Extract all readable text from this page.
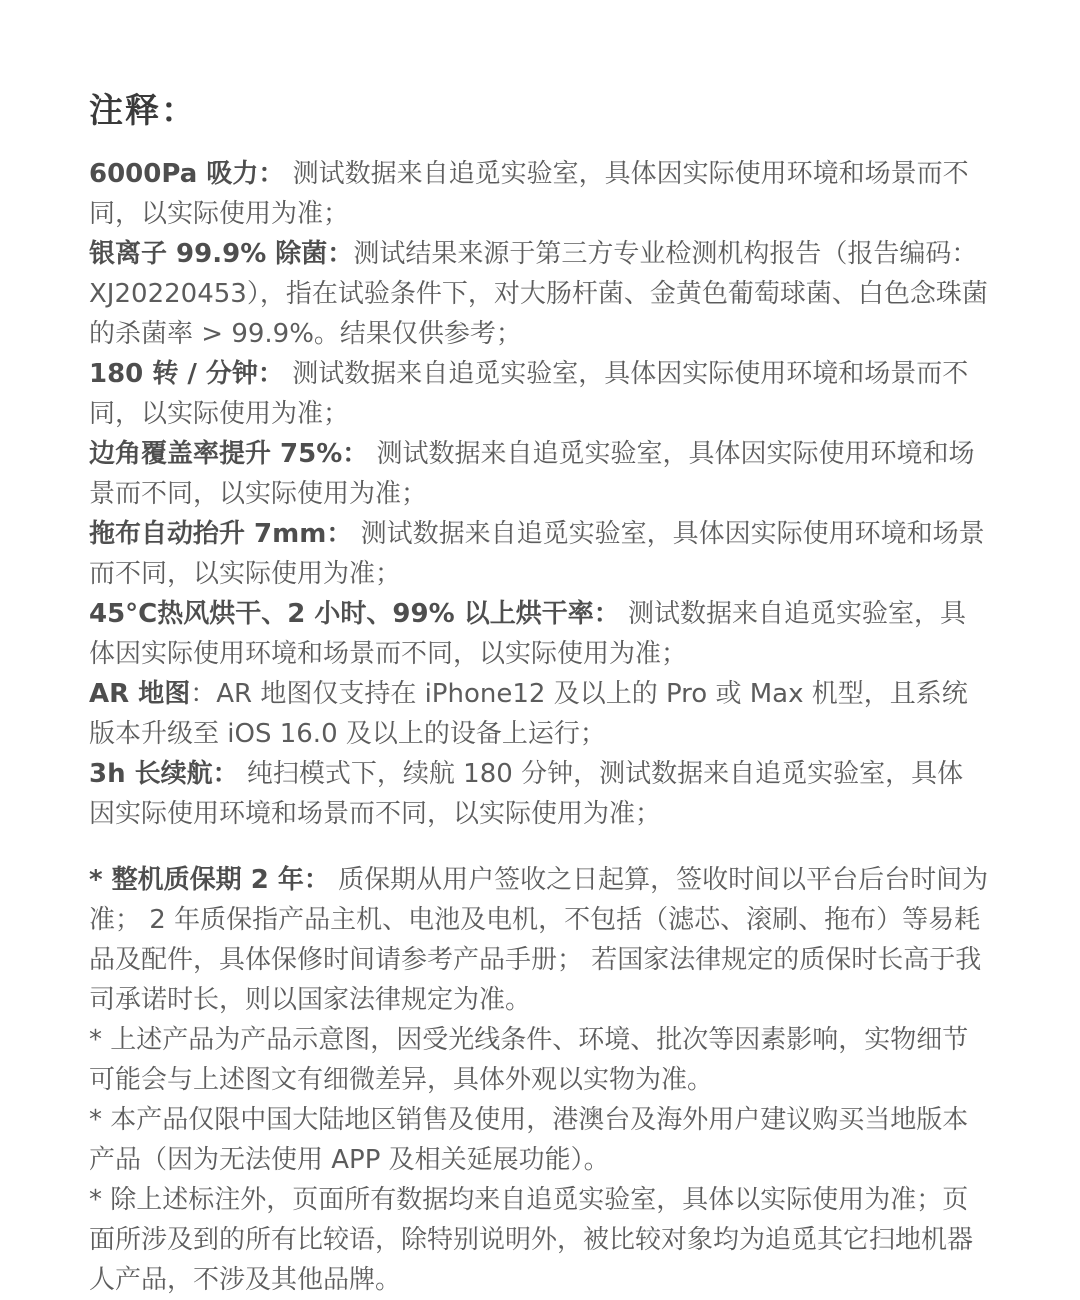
注释：

6000Pa 吸力： 测试数据来自追觅实验室，具体因实际使用环境和场景而不同，以实际使用为准；

银离子 99.9% 除菌：测试结果来源于第三方专业检测机构报告（报告编码：XJ20220453），指在试验条件下，对大肠杆菌、金黄色葡萄球菌、白色念珠菌的杀菌率 > 99.9%。结果仅供参考；

180 转 / 分钟： 测试数据来自追觅实验室，具体因实际使用环境和场景而不同，以实际使用为准；

边角覆盖率提升 75%： 测试数据来自追觅实验室，具体因实际使用环境和场景而不同，以实际使用为准；

拖布自动抬升 7mm： 测试数据来自追觅实验室，具体因实际使用环境和场景而不同，以实际使用为准；

45°C热风烘干、2 小时、99% 以上烘干率： 测试数据来自追觅实验室，具体因实际使用环境和场景而不同，以实际使用为准；

AR 地图：AR 地图仅支持在 iPhone12 及以上的 Pro 或 Max 机型，且系统版本升级至 iOS 16.0 及以上的设备上运行；

3h 长续航： 纯扫模式下，续航 180 分钟，测试数据来自追觅实验室，具体因实际使用环境和场景而不同，以实际使用为准；

* 整机质保期 2 年： 质保期从用户签收之日起算，签收时间以平台后台时间为准； 2 年质保指产品主机、电池及电机，不包括（滤芯、滚刷、拖布）等易耗品及配件，具体保修时间请参考产品手册； 若国家法律规定的质保时长高于我司承诺时长，则以国家法律规定为准。

* 上述产品为产品示意图，因受光线条件、环境、批次等因素影响，实物细节可能会与上述图文有细微差异，具体外观以实物为准。

* 本产品仅限中国大陆地区销售及使用，港澳台及海外用户建议购买当地版本产品（因为无法使用 APP 及相关延展功能）。

* 除上述标注外，页面所有数据均来自追觅实验室，具体以实际使用为准；页面所涉及到的所有比较语，除特别说明外，被比较对象均为追觅其它扫地机器人产品，不涉及其他品牌。
